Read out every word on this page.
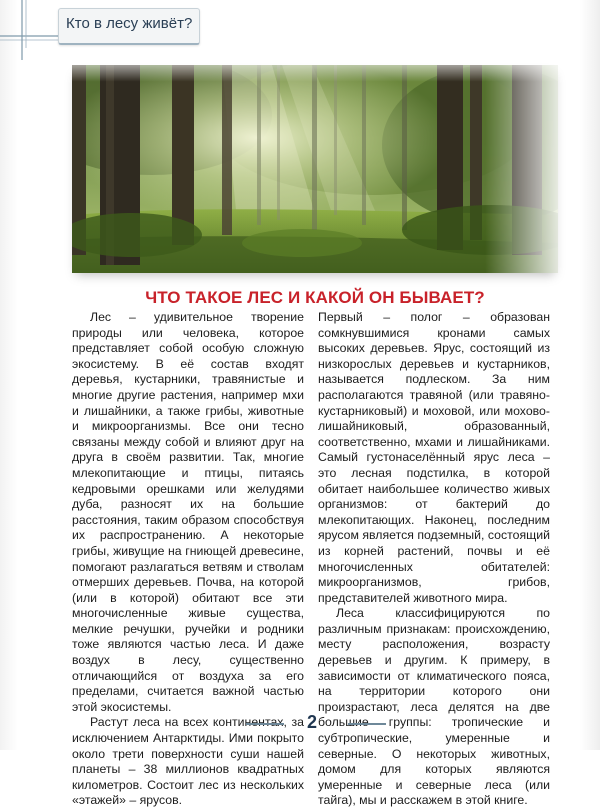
Кто в лесу живёт?
ЧТО ТАКОЕ ЛЕС И КАКОЙ ОН БЫВАЕТ?

Лес – удивительное творение природы или человека, которое представляет собой особую сложную экосистему. В её состав входят деревья, кустарники, травянистые и многие другие растения, например мхи и лишайники, а также грибы, животные и микроорганизмы. Все они тесно связаны между собой и влияют друг на друга в своём развитии. Так, многие млекопитающие и птицы, питаясь кедровыми орешками или желудями дуба, разносят их на большие расстояния, таким образом способствуя их распространению. А некоторые грибы, живущие на гниющей древесине, помогают разлагаться ветвям и стволам отмерших деревьев. Почва, на которой (или в которой) обитают все эти многочисленные живые существа, мелкие речушки, ручейки и родники тоже являются частью леса. И даже воздух в лесу, существенно отличающийся от воздуха за его пределами, считается важной частью этой экосистемы.

Растут леса на всех континентах, за исключением Антарктиды. Ими покрыто около трети поверхности суши нашей планеты – 38 миллионов квадратных километров. Состоит лес из нескольких «этажей» – ярусов.

Первый – полог – образован сомкнувшимися кронами самых высоких деревьев. Ярус, состоящий из низкорослых деревьев и кустарников, называется подлеском. За ним располагаются травяной (или травяно-кустарниковый) и моховой, или мохово-лишайниковый, образованный, соответственно, мхами и лишайниками. Самый густонаселённый ярус леса – это лесная подстилка, в которой обитает наибольшее количество живых организмов: от бактерий до млекопитающих. Наконец, последним ярусом является подземный, состоящий из корней растений, почвы и её многочисленных обитателей: микроорганизмов, грибов, представителей животного мира.

Леса классифицируются по различным признакам: происхождению, месту расположения, возрасту деревьев и другим. К примеру, в зависимости от климатического пояса, на территории которого они произрастают, леса делятся на две большие группы: тропические и субтропические, умеренные и северные. О некоторых животных, домом для которых являются умеренные и северные леса (или тайга), мы и расскажем в этой книге.

2
